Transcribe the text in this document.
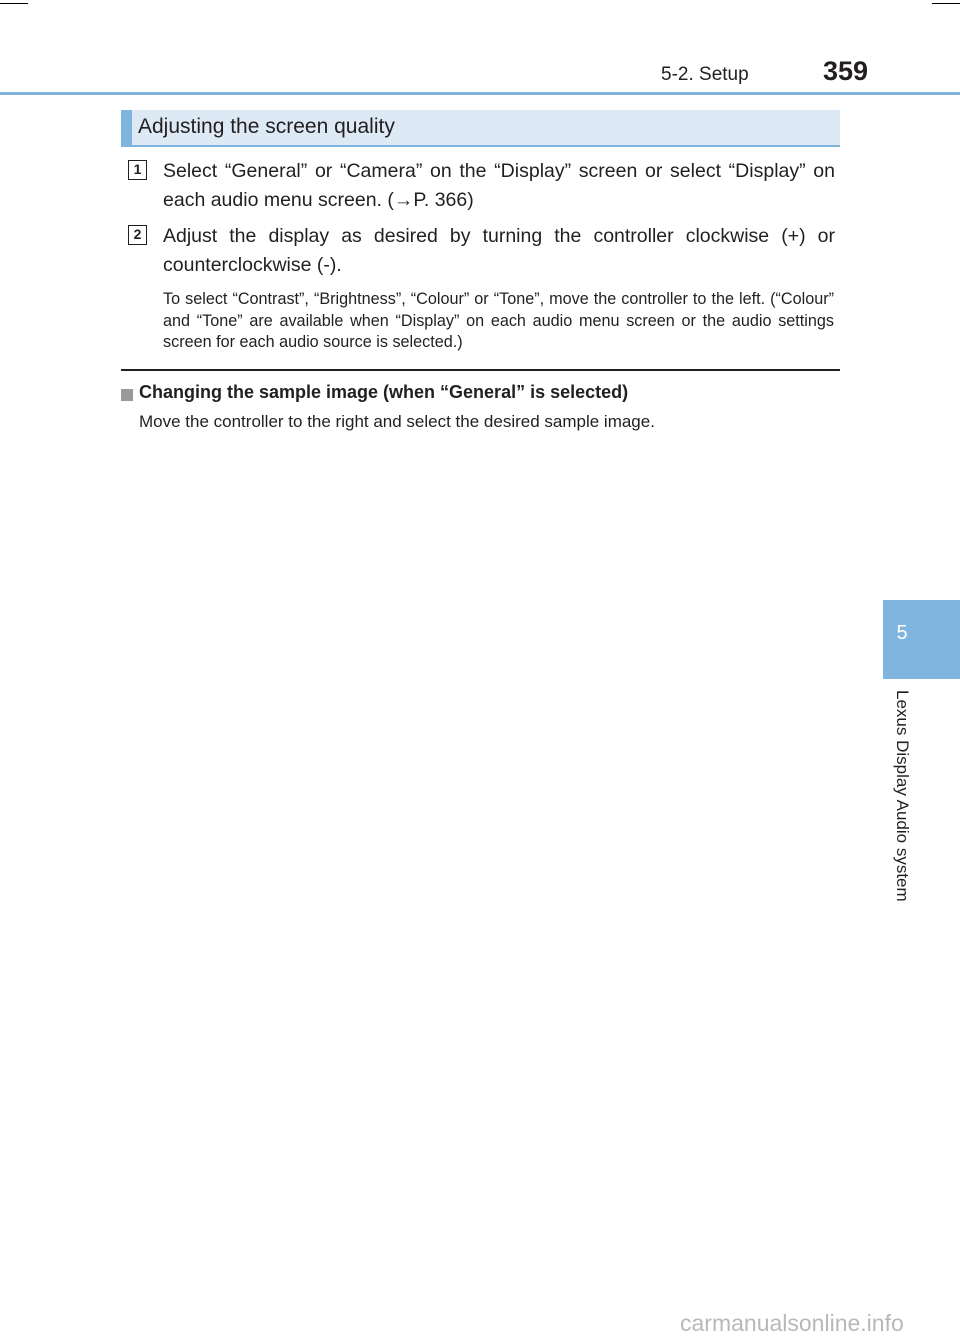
5-2. Setup	359
5
Lexus Display Audio system
Adjusting the screen quality
1 Select “General” or “Camera” on the “Display” screen or select “Display” on each audio menu screen. (→P. 366)
2 Adjust the display as desired by turning the controller clockwise (+) or counterclockwise (-).
To select “Contrast”, “Brightness”, “Colour” or “Tone”, move the controller to the left. (“Colour” and “Tone” are available when “Display” on each audio menu screen or the audio settings screen for each audio source is selected.)
Changing the sample image (when “General” is selected)
Move the controller to the right and select the desired sample image.
carmanualsonline.info
